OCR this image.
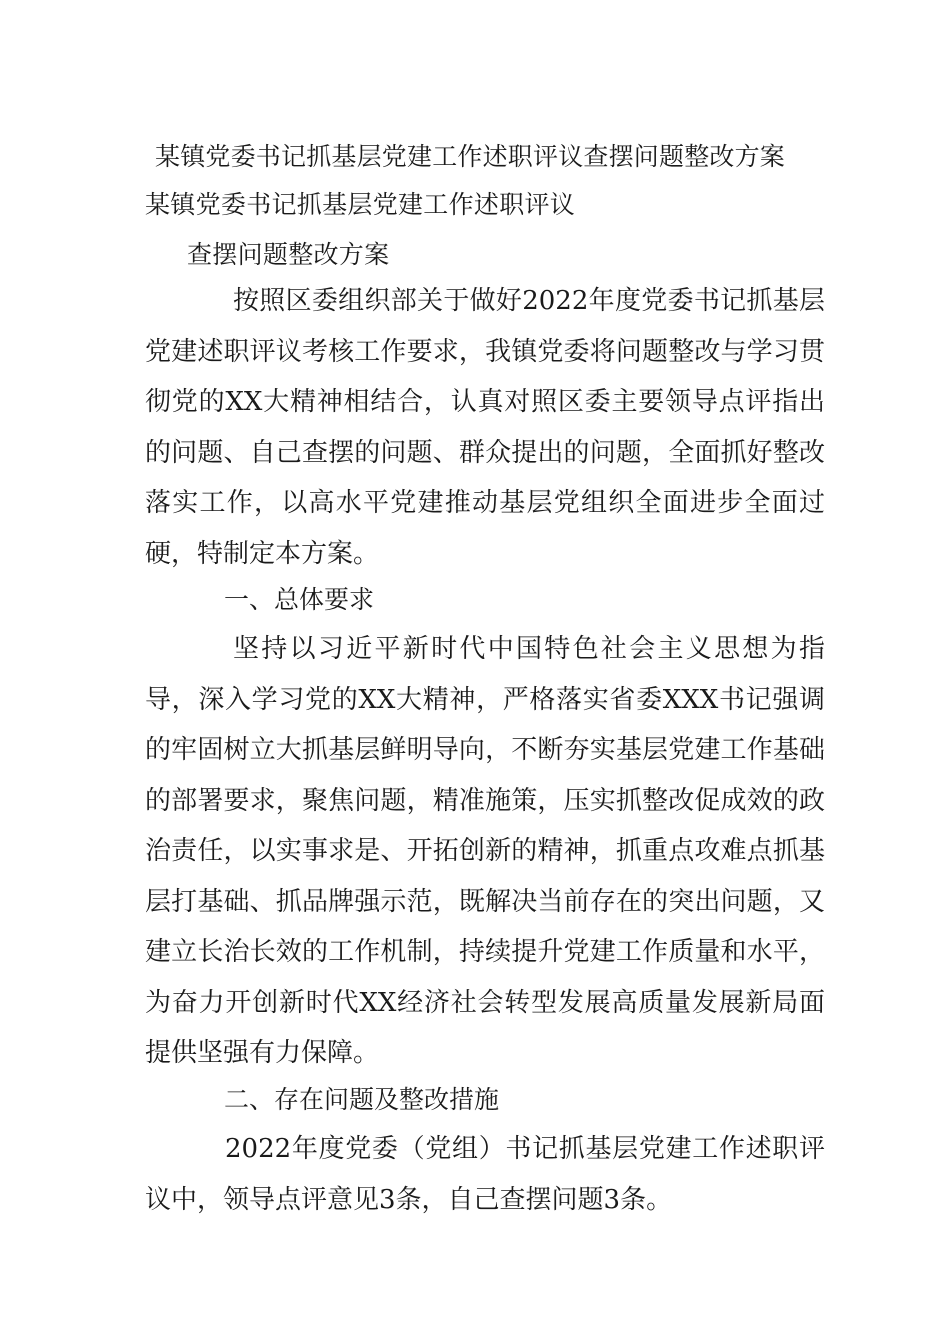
某镇党委书记抓基层党建工作述职评议查摆问题整改方案

某镇党委书记抓基层党建工作述职评议

查摆问题整改方案

按照区委组织部关于做好2022年度党委书记抓基层党建述职评议考核工作要求，我镇党委将问题整改与学习贯彻党的XX大精神相结合，认真对照区委主要领导点评指出的问题、自己查摆的问题、群众提出的问题，全面抓好整改落实工作，以高水平党建推动基层党组织全面进步全面过硬，特制定本方案。

一、总体要求

坚持以习近平新时代中国特色社会主义思想为指导，深入学习党的XX大精神，严格落实省委XXX书记强调的牢固树立大抓基层鲜明导向，不断夯实基层党建工作基础的部署要求，聚焦问题，精准施策，压实抓整改促成效的政治责任，以实事求是、开拓创新的精神，抓重点攻难点抓基层打基础、抓品牌强示范，既解决当前存在的突出问题，又建立长治长效的工作机制，持续提升党建工作质量和水平，为奋力开创新时代XX经济社会转型发展高质量发展新局面提供坚强有力保障。

二、存在问题及整改措施

2022年度党委（党组）书记抓基层党建工作述职评议中，领导点评意见3条，自己查摆问题3条。
